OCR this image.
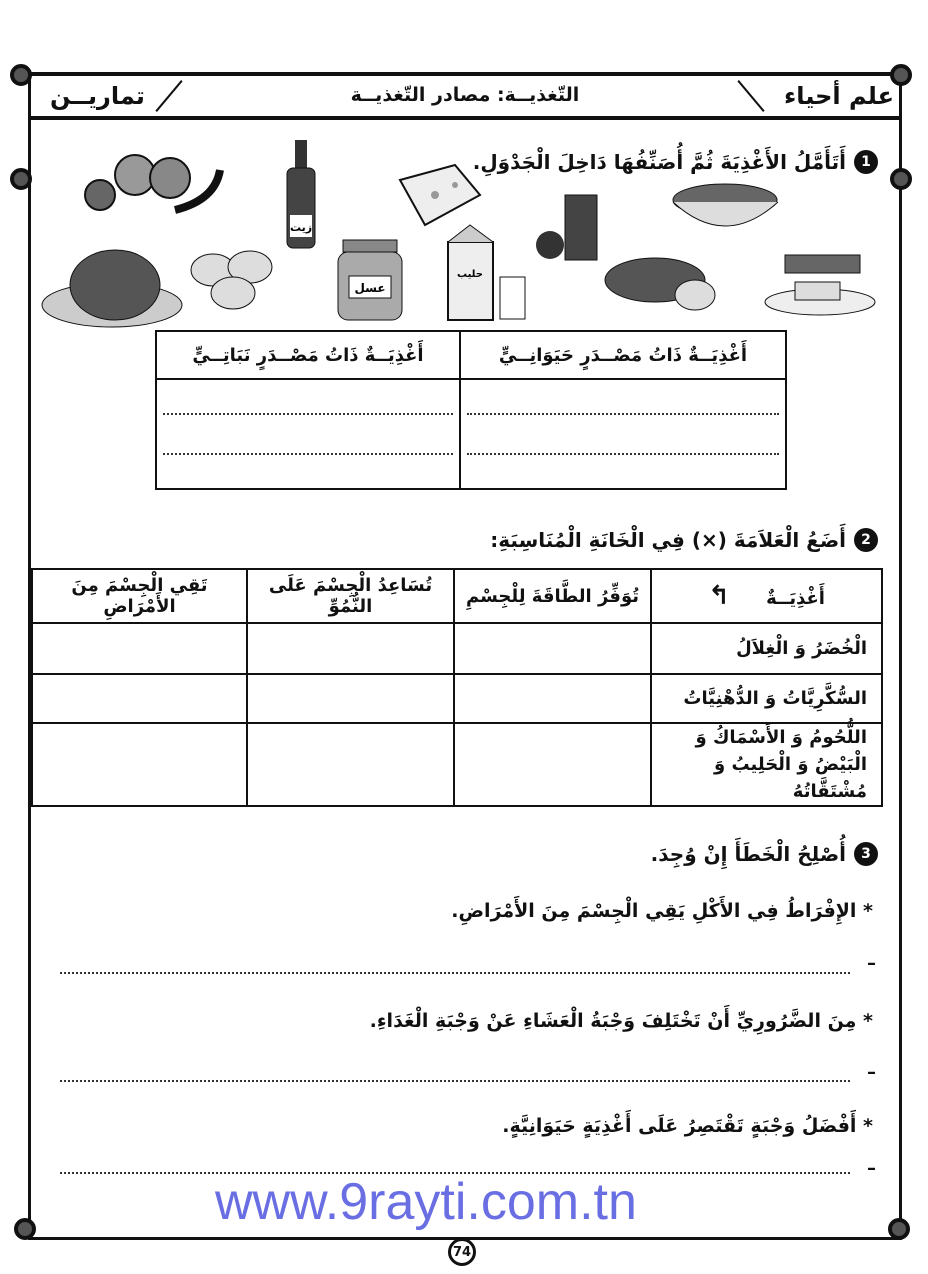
علم أحياء
التّغذيــة: مصادر التّغذيــة
تماريــن
1
أَتَأَمَّلُ الأَغْذِيَةَ ثُمَّ أُصَنِّفُهَا دَاخِلَ الْجَدْوَلِ.
زيت
عسل
حليب
أَغْذِيَــةٌ ذَاتُ مَصْــدَرٍ حَيَوَانِــيٍّ	أَغْذِيَــةٌ ذَاتُ مَصْــدَرٍ نَبَاتِــيٍّ

2
أَضَعُ الْعَلاَمَةَ (×) فِي الْخَانَةِ الْمُنَاسِبَةِ:
أَغْذِيَــةٌ ↰	تُوَفِّرُ الطَّاقَةَ لِلْجِسْمِ	تُسَاعِدُ الْجِسْمَ عَلَى النُّمُوِّ	تَقِي الْجِسْمَ مِنَ الأَمْرَاضِ
الْخُضَرُ وَ الْغِلاَلُ			
السُّكَّرِيَّاتُ وَ الدُّهْنِيَّاتُ			
اللُّحُومُ وَ الأَسْمَاكُ وَ الْبَيْضُ وَ الْحَلِيبُ وَ مُشْتَقَّاتُهُ			
3
أُصْلِحُ الْخَطَأَ إِنْ وُجِدَ.
* الإِفْرَاطُ فِي الأَكْلِ يَقِي الْجِسْمَ مِنَ الأَمْرَاضِ.
–
* مِنَ الضَّرُورِيِّ أَنْ تَخْتَلِفَ وَجْبَةُ الْعَشَاءِ عَنْ وَجْبَةِ الْغَدَاءِ.
–
* أَفْضَلُ وَجْبَةٍ تَقْتَصِرُ عَلَى أَغْذِيَةٍ حَيَوَانِيَّةٍ.
–
www.9rayti.com.tn
74
